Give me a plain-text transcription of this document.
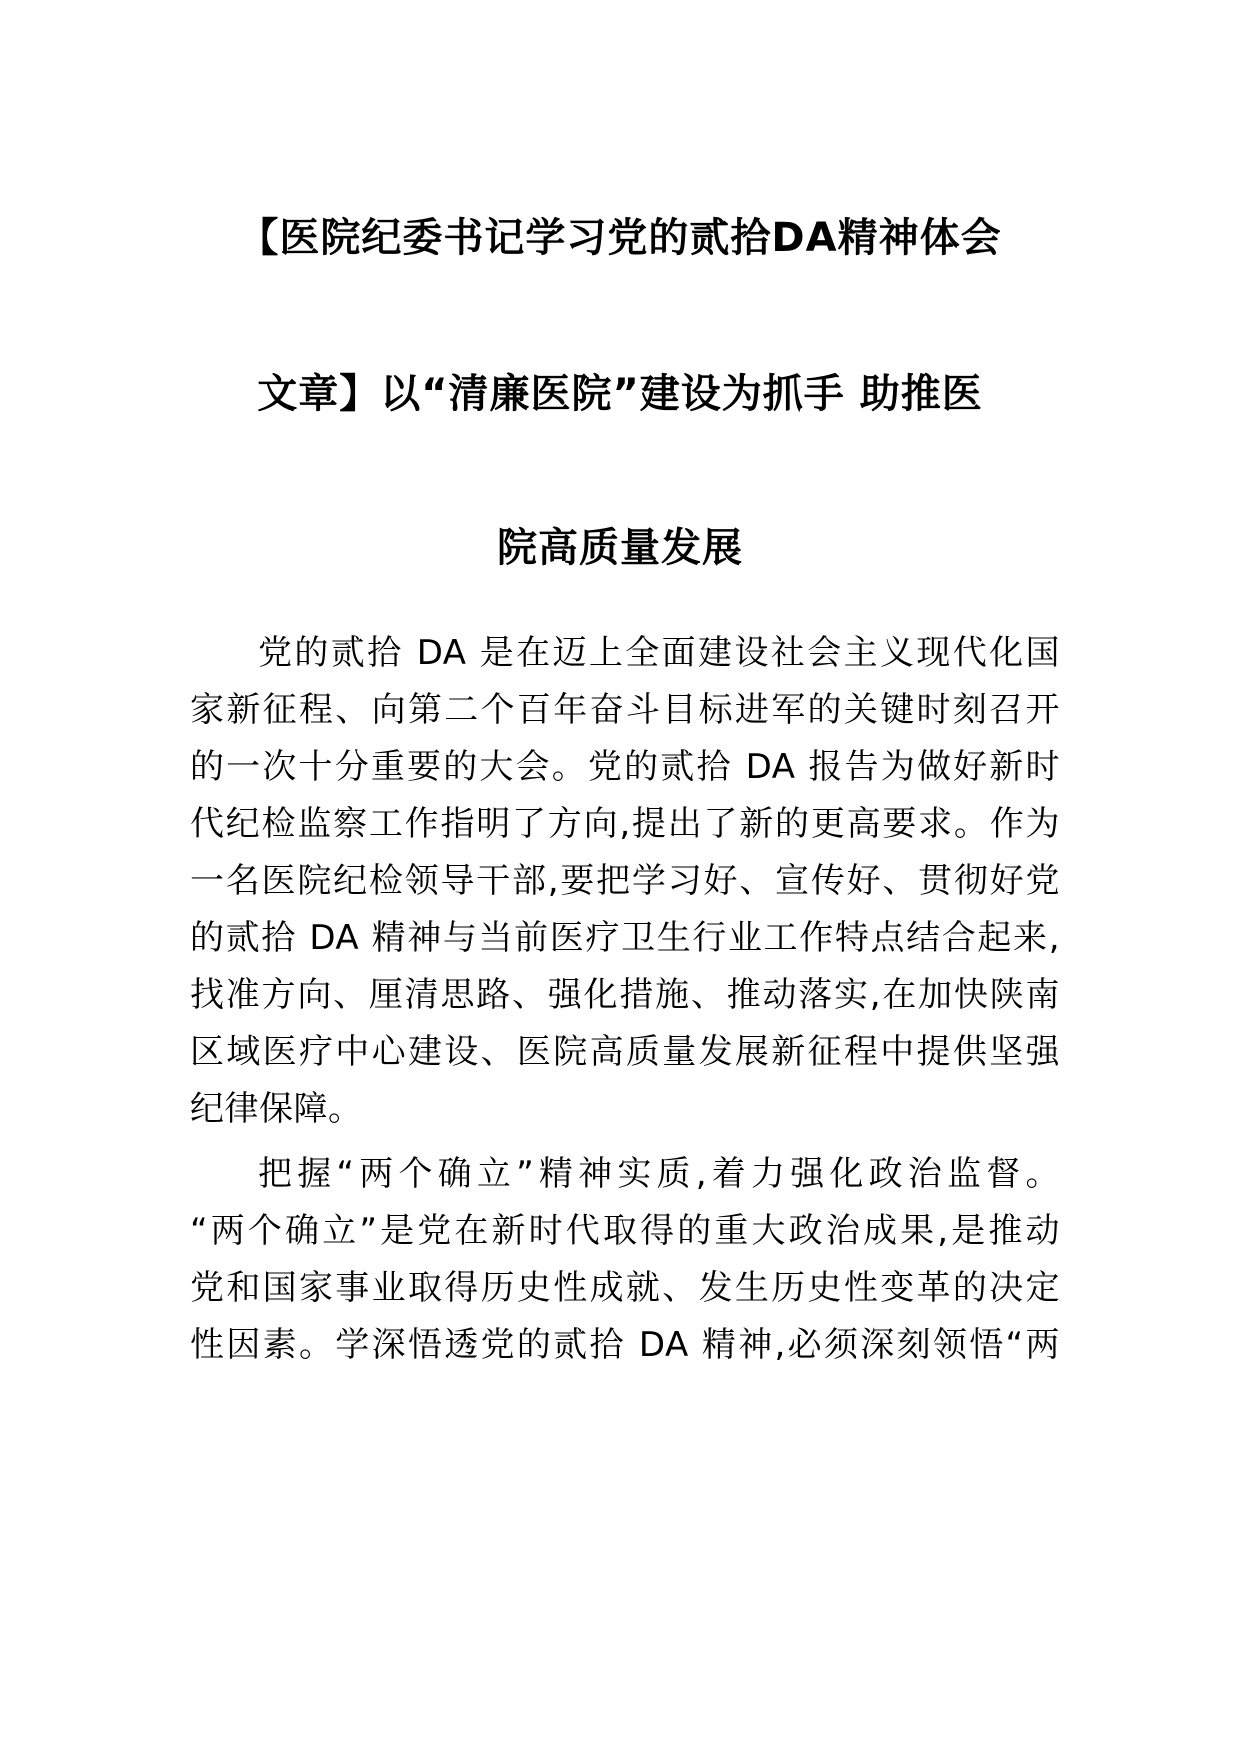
【医院纪委书记学习党的贰拾DA精神体会
文章】以“清廉医院”建设为抓手 助推医
院高质量发展
党的贰拾 DA 是在迈上全面建设社会主义现代化国
家新征程、向第二个百年奋斗目标进军的关键时刻召开
的一次十分重要的大会。党的贰拾 DA 报告为做好新时
代纪检监察工作指明了方向,提出了新的更高要求。作为
一名医院纪检领导干部,要把学习好、宣传好、贯彻好党
的贰拾 DA 精神与当前医疗卫生行业工作特点结合起来,
找准方向、厘清思路、强化措施、推动落实,在加快陕南
区域医疗中心建设、医院高质量发展新征程中提供坚强
纪律保障。
把握“两个确立”精神实质,着力强化政治监督。
“两个确立”是党在新时代取得的重大政治成果,是推动
党和国家事业取得历史性成就、发生历史性变革的决定
性因素。学深悟透党的贰拾 DA 精神,必须深刻领悟“两
